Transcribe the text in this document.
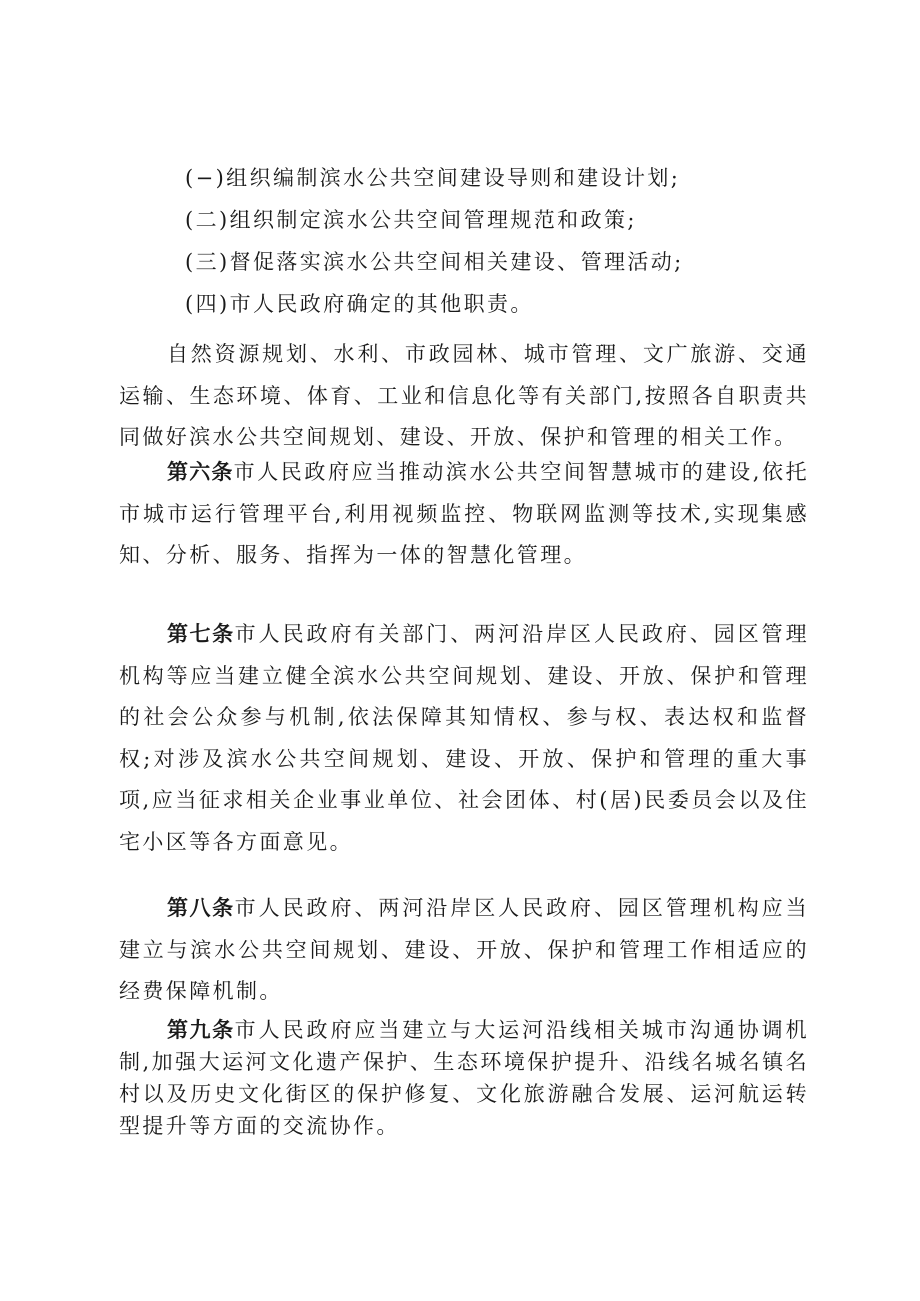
(−)组织编制滨水公共空间建设导则和建设计划;
(二)组织制定滨水公共空间管理规范和政策;
(三)督促落实滨水公共空间相关建设、管理活动;
(四)市人民政府确定的其他职责。
自然资源规划、水利、市政园林、城市管理、文广旅游、交通运输、生态环境、体育、工业和信息化等有关部门,按照各自职责共同做好滨水公共空间规划、建设、开放、保护和管理的相关工作。
第六条市人民政府应当推动滨水公共空间智慧城市的建设,依托市城市运行管理平台,利用视频监控、物联网监测等技术,实现集感知、分析、服务、指挥为一体的智慧化管理。
第七条市人民政府有关部门、两河沿岸区人民政府、园区管理机构等应当建立健全滨水公共空间规划、建设、开放、保护和管理的社会公众参与机制,依法保障其知情权、参与权、表达权和监督权;对涉及滨水公共空间规划、建设、开放、保护和管理的重大事项,应当征求相关企业事业单位、社会团体、村(居)民委员会以及住宅小区等各方面意见。
第八条市人民政府、两河沿岸区人民政府、园区管理机构应当建立与滨水公共空间规划、建设、开放、保护和管理工作相适应的经费保障机制。
第九条市人民政府应当建立与大运河沿线相关城市沟通协调机制,加强大运河文化遗产保护、生态环境保护提升、沿线名城名镇名村以及历史文化街区的保护修复、文化旅游融合发展、运河航运转型提升等方面的交流协作。
